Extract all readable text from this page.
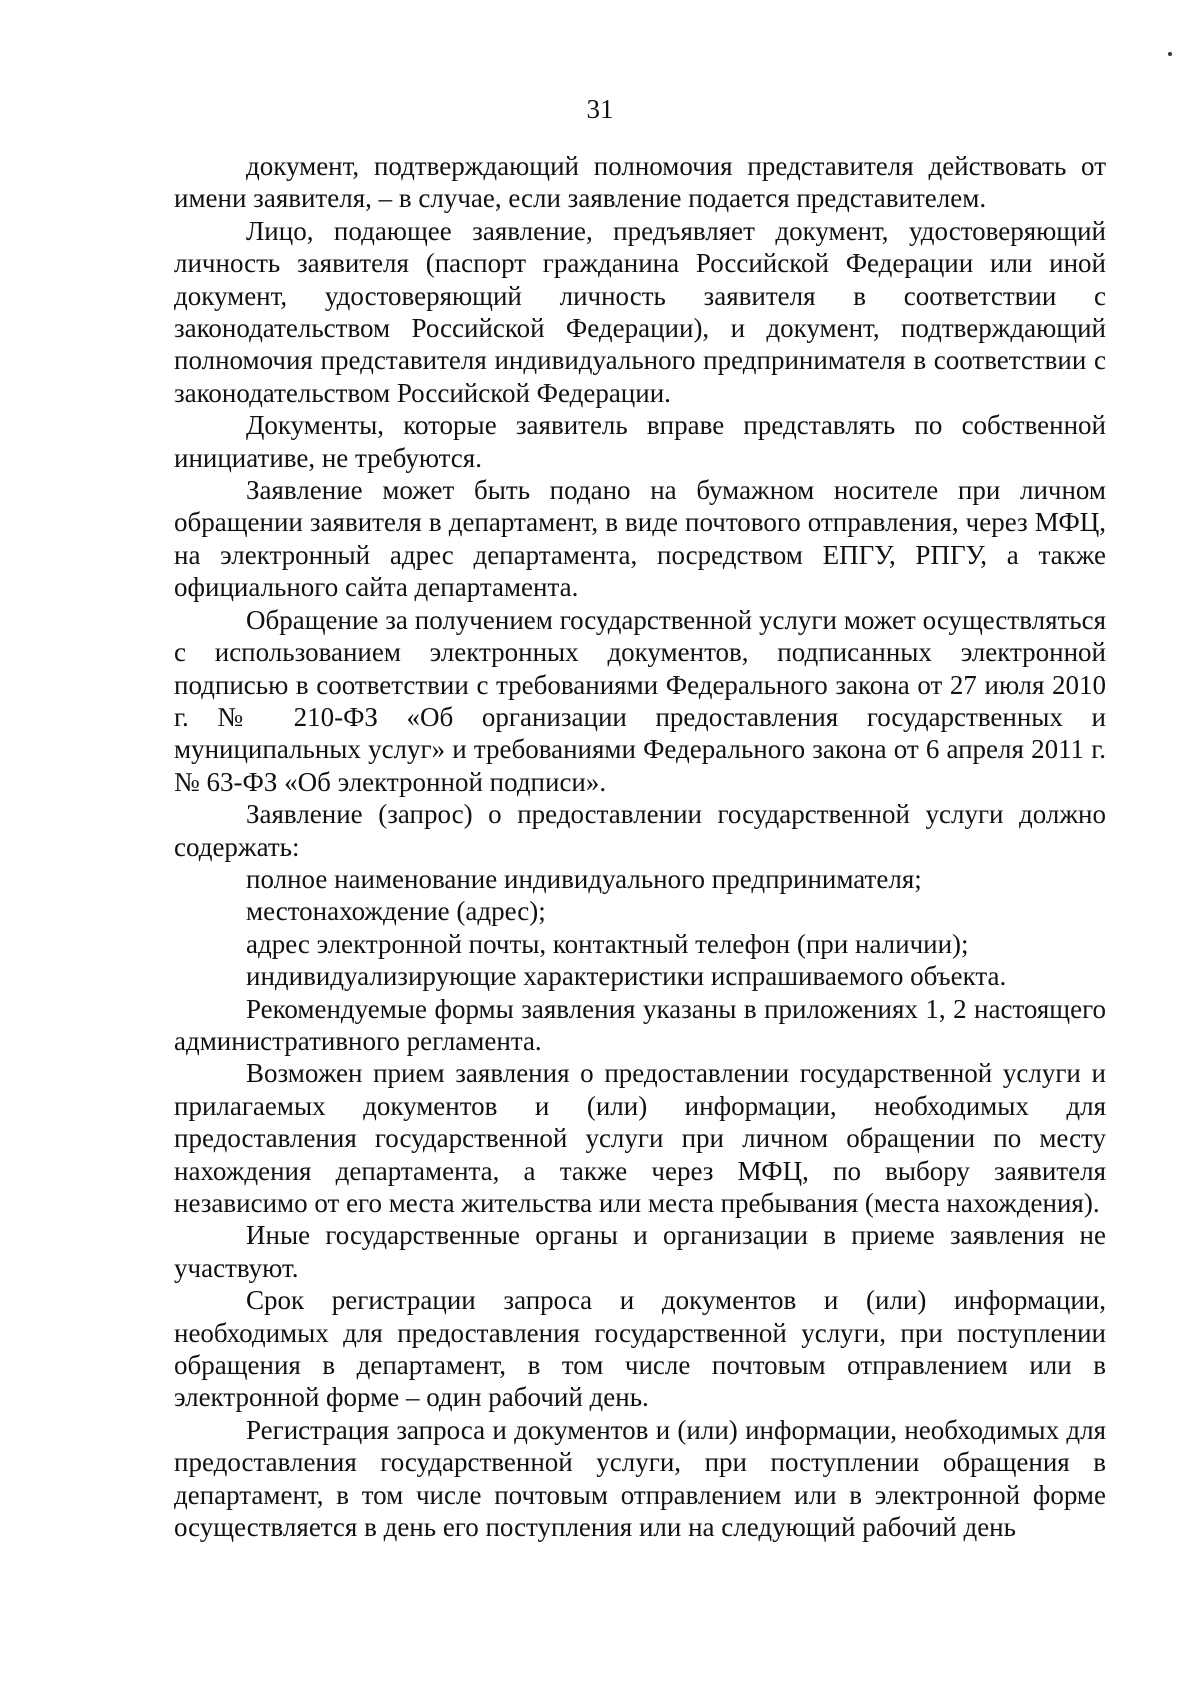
31

документ, подтверждающий полномочия представителя действовать от имени заявителя, – в случае, если заявление подается представителем.

Лицо, подающее заявление, предъявляет документ, удостоверяющий личность заявителя (паспорт гражданина Российской Федерации или иной документ, удостоверяющий личность заявителя в соответствии с законодательством Российской Федерации), и документ, подтверждающий полномочия представителя индивидуального предпринимателя в соответствии с законодательством Российской Федерации.

Документы, которые заявитель вправе представлять по собственной инициативе, не требуются.

Заявление может быть подано на бумажном носителе при личном обращении заявителя в департамент, в виде почтового отправления, через МФЦ, на электронный адрес департамента, посредством ЕПГУ, РПГУ, а также официального сайта департамента.

Обращение за получением государственной услуги может осуществляться с использованием электронных документов, подписанных электронной подписью в соответствии с требованиями Федерального закона от 27 июля 2010 г. № 210-ФЗ «Об организации предоставления государственных и муниципальных услуг» и требованиями Федерального закона от 6 апреля 2011 г. № 63-ФЗ «Об электронной подписи».

Заявление (запрос) о предоставлении государственной услуги должно содержать:

полное наименование индивидуального предпринимателя;

местонахождение (адрес);

адрес электронной почты, контактный телефон (при наличии);

индивидуализирующие характеристики испрашиваемого объекта.

Рекомендуемые формы заявления указаны в приложениях 1, 2 настоящего административного регламента.

Возможен прием заявления о предоставлении государственной услуги и прилагаемых документов и (или) информации, необходимых для предоставления государственной услуги при личном обращении по месту нахождения департамента, а также через МФЦ, по выбору заявителя независимо от его места жительства или места пребывания (места нахождения).

Иные государственные органы и организации в приеме заявления не участвуют.

Срок регистрации запроса и документов и (или) информации, необходимых для предоставления государственной услуги, при поступлении обращения в департамент, в том числе почтовым отправлением или в электронной форме – один рабочий день.

Регистрация запроса и документов и (или) информации, необходимых для предоставления государственной услуги, при поступлении обращения в департамент, в том числе почтовым отправлением или в электронной форме осуществляется в день его поступления или на следующий рабочий день
